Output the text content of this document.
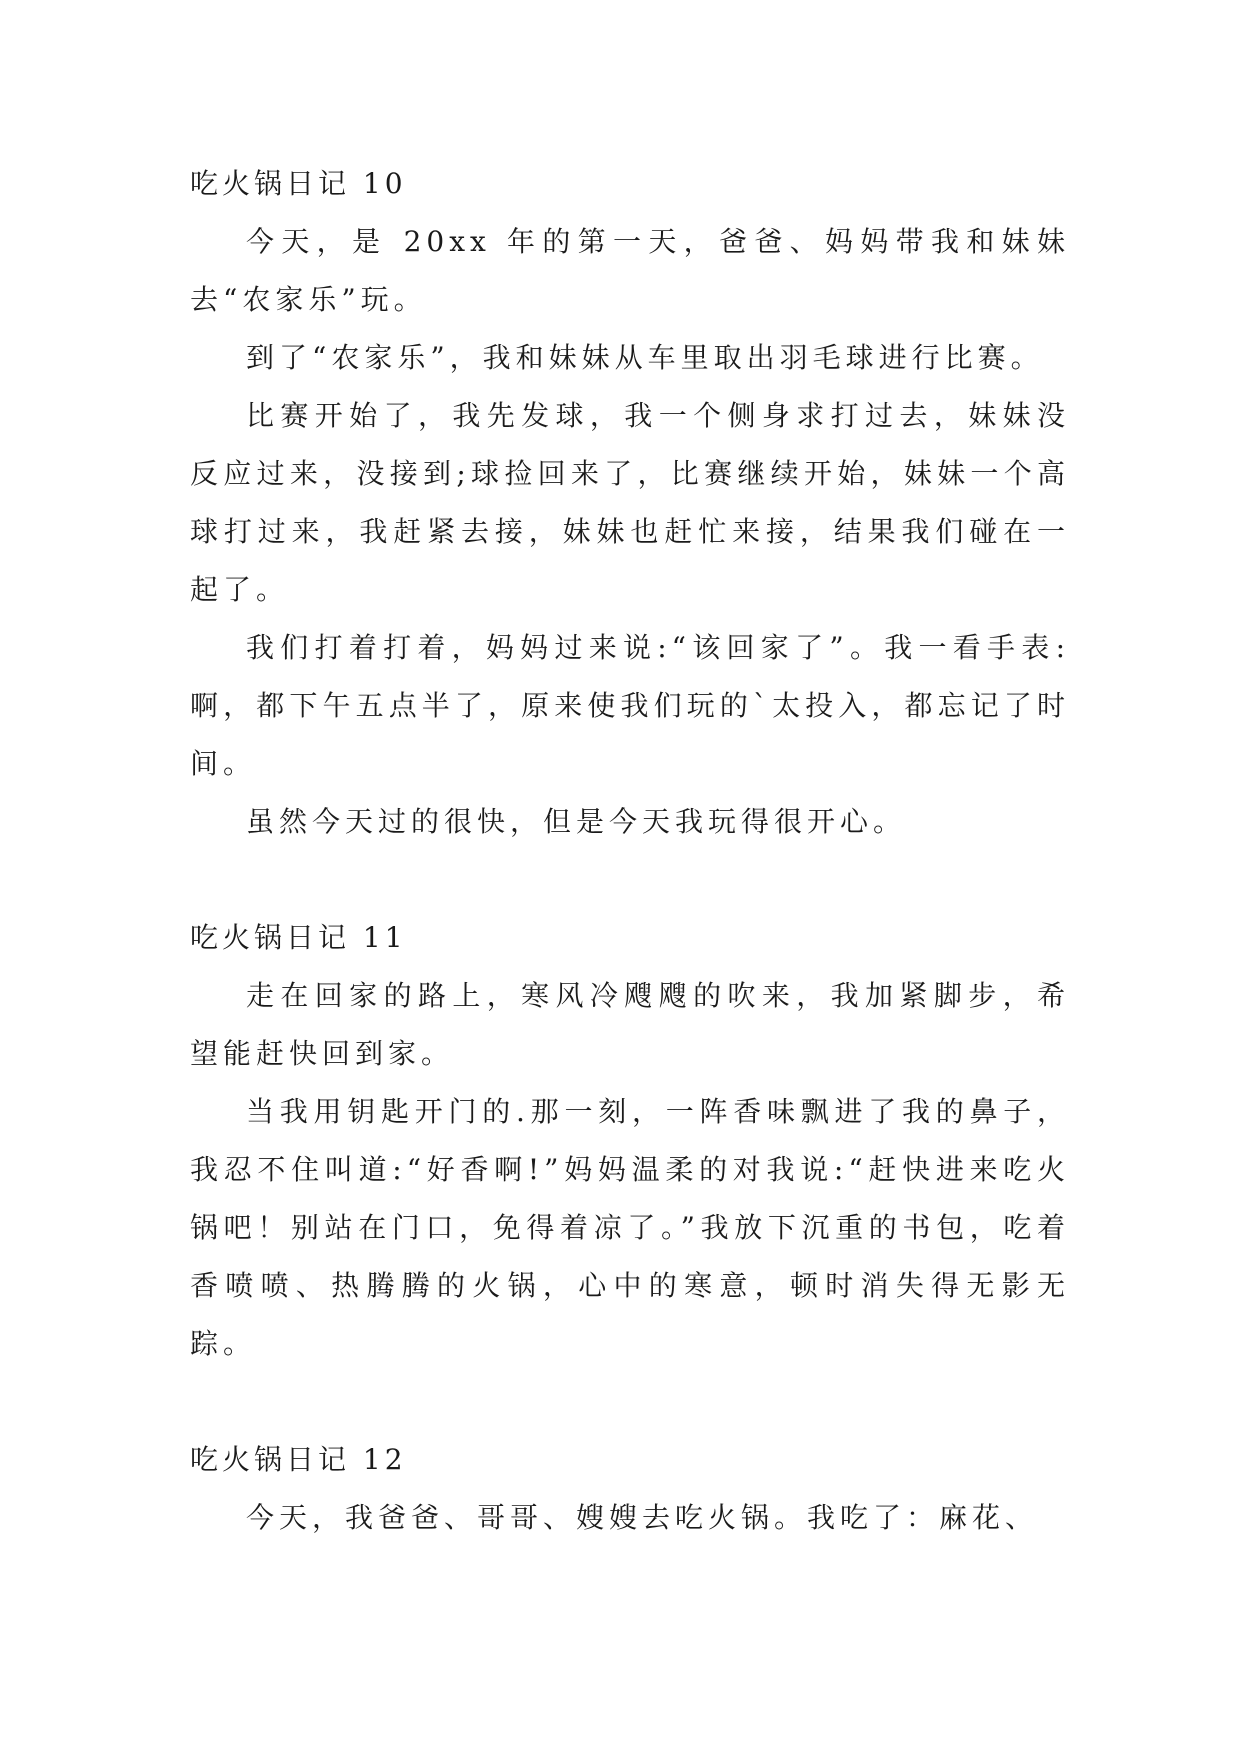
吃火锅日记 10

今天，是 20xx 年的第一天，爸爸、妈妈带我和妹妹去“农家乐”玩。

到了“农家乐”，我和妹妹从车里取出羽毛球进行比赛。

比赛开始了，我先发球，我一个侧身求打过去，妹妹没反应过来，没接到;球捡回来了，比赛继续开始，妹妹一个高球打过来，我赶紧去接，妹妹也赶忙来接，结果我们碰在一起了。

我们打着打着，妈妈过来说:“该回家了”。我一看手表:啊，都下午五点半了，原来使我们玩的`太投入，都忘记了时间。

虽然今天过的很快，但是今天我玩得很开心。

吃火锅日记 11

走在回家的路上，寒风冷飕飕的吹来，我加紧脚步，希望能赶快回到家。

当我用钥匙开门的.那一刻，一阵香味飘进了我的鼻子，我忍不住叫道:“好香啊!”妈妈温柔的对我说:“赶快进来吃火锅吧！别站在门口，免得着凉了。”我放下沉重的书包，吃着香喷喷、热腾腾的火锅，心中的寒意，顿时消失得无影无踪。

吃火锅日记 12

今天，我爸爸、哥哥、嫂嫂去吃火锅。我吃了：麻花、
